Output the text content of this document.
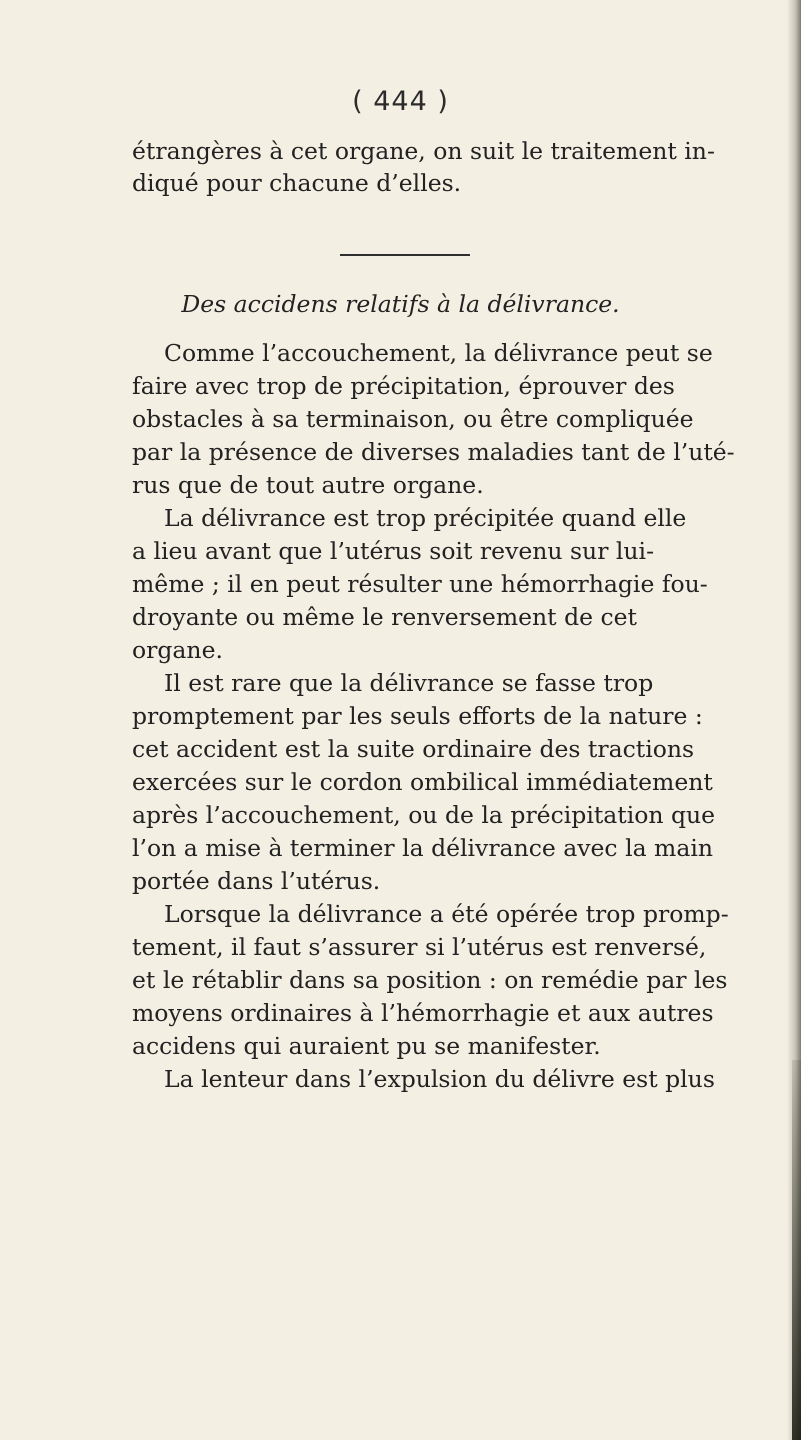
( 444 )
étrangères à cet organe, on suit le traitement in-
diqué pour chacune d’elles.
Des accidens relatifs à la délivrance.
Comme l’accouchement, la délivrance peut se
faire avec trop de précipitation, éprouver des
obstacles à sa terminaison, ou être compliquée
par la présence de diverses maladies tant de l’uté-
rus que de tout autre organe.
La délivrance est trop précipitée quand elle
a lieu avant que l’utérus soit revenu sur lui-
même ; il en peut résulter une hémorrhagie fou-
droyante ou même le renversement de cet
organe.
Il est rare que la délivrance se fasse trop
promptement par les seuls efforts de la nature :
cet accident est la suite ordinaire des tractions
exercées sur le cordon ombilical immédiatement
après l’accouchement, ou de la précipitation que
l’on a mise à terminer la délivrance avec la main
portée dans l’utérus.
Lorsque la délivrance a été opérée trop promp-
tement, il faut s’assurer si l’utérus est renversé,
et le rétablir dans sa position : on remédie par les
moyens ordinaires à l’hémorrhagie et aux autres
accidens qui auraient pu se manifester.
La lenteur dans l’expulsion du délivre est plus
